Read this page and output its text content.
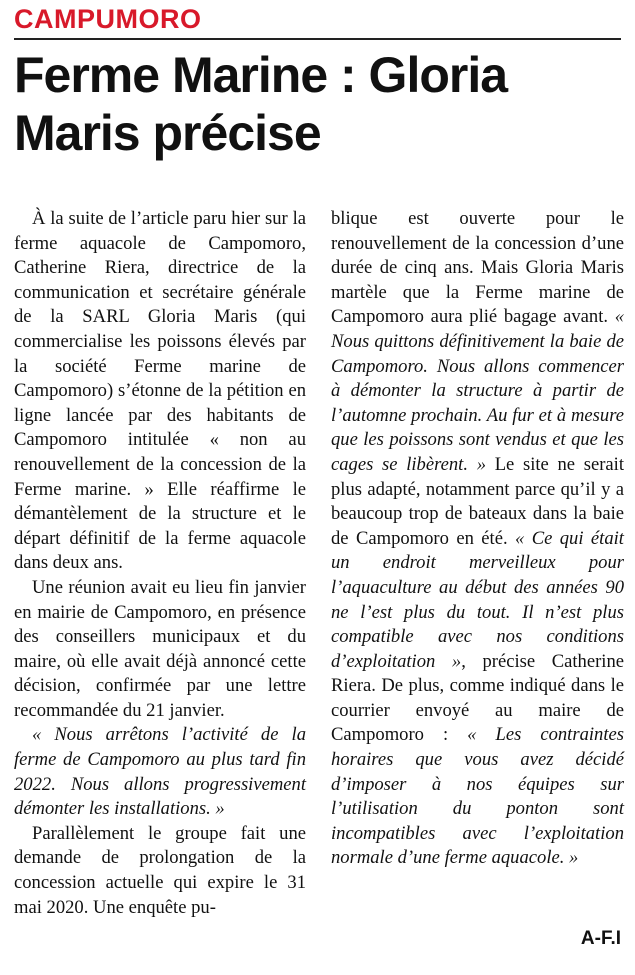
CAMPUMORO
Ferme Marine : Gloria Maris précise

À la suite de l’article paru hier sur la ferme aquacole de Campomoro, Catherine Riera, directrice de la communication et secrétaire générale de la SARL Gloria Maris (qui commercialise les poissons élevés par la société Ferme marine de Campomoro) s’étonne de la pétition en ligne lancée par des habitants de Campomoro intitulée « non au renouvellement de la concession de la Ferme marine. » Elle réaffirme le démantèlement de la structure et le départ définitif de la ferme aquacole dans deux ans.

Une réunion avait eu lieu fin janvier en mairie de Campomoro, en présence des conseillers municipaux et du maire, où elle avait déjà annoncé cette décision, confirmée par une lettre recommandée du 21 janvier.

« Nous arrêtons l’activité de la ferme de Campomoro au plus tard fin 2022. Nous allons progressivement démonter les installations. »

Parallèlement le groupe fait une demande de prolongation de la concession actuelle qui expire le 31 mai 2020. Une enquête pu-

blique est ouverte pour le renouvellement de la concession d’une durée de cinq ans. Mais Gloria Maris martèle que la Ferme marine de Campomoro aura plié bagage avant. « Nous quittons définitivement la baie de Campomoro. Nous allons commencer à démonter la structure à partir de l’automne prochain. Au fur et à mesure que les poissons sont vendus et que les cages se libèrent. » Le site ne serait plus adapté, notamment parce qu’il y a beaucoup trop de bateaux dans la baie de Campomoro en été. « Ce qui était un endroit merveilleux pour l’aquaculture au début des années 90 ne l’est plus du tout. Il n’est plus compatible avec nos conditions d’exploitation », précise Catherine Riera. De plus, comme indiqué dans le courrier envoyé au maire de Campomoro : « Les contraintes horaires que vous avez décidé d’imposer à nos équipes sur l’utilisation du ponton sont incompatibles avec l’exploitation normale d’une ferme aquacole. »

A-F.I
